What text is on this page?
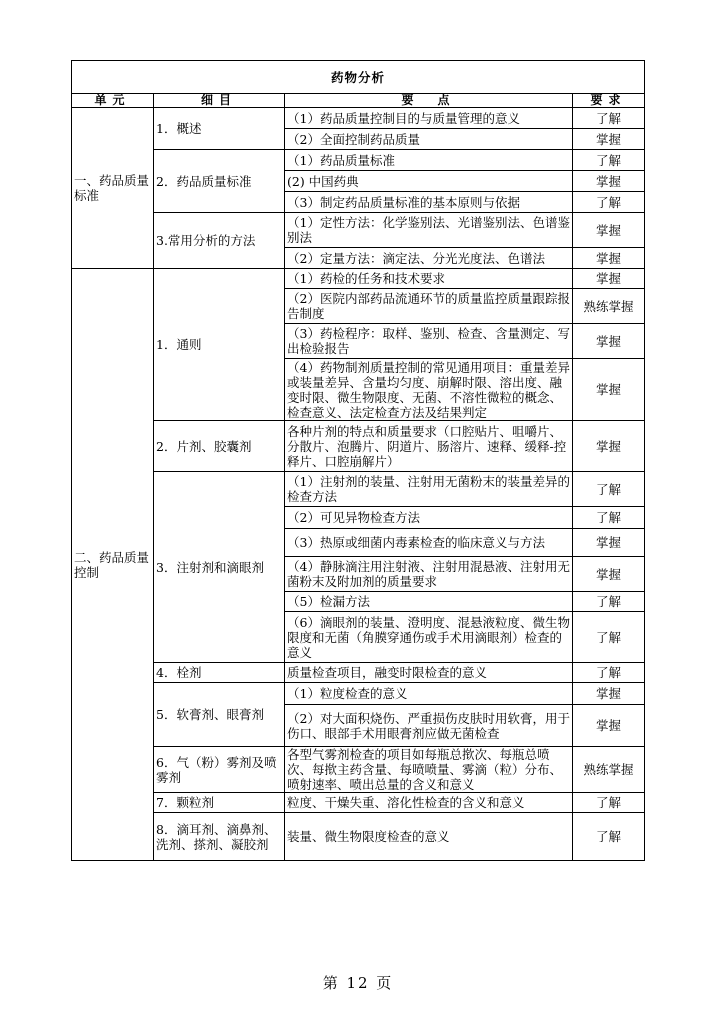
药物分析			
单元	细目	要　点	要求
一、药品质量标准	1．概述	（1）药品质量控制目的与质量管理的意义	了解
		（2）全面控制药品质量	掌握
	2．药品质量标准	（1）药品质量标准	了解
		(2) 中国药典	掌握
		（3）制定药品质量标准的基本原则与依据	了解
	3.常用分析的方法	（1）定性方法：化学鉴别法、光谱鉴别法、色谱鉴别法	掌握
		（2）定量方法：滴定法、分光光度法、色谱法	掌握
二、药品质量控制	1．通则	（1）药检的任务和技术要求	掌握
		（2）医院内部药品流通环节的质量监控质量跟踪报告制度	熟练掌握
		（3）药检程序：取样、鉴别、检查、含量测定、写出检验报告	掌握
		（4）药物制剂质量控制的常见通用项目：重量差异或装量差异、含量均匀度、崩解时限、溶出度、融变时限、微生物限度、无菌、不溶性微粒的概念、检查意义、法定检查方法及结果判定	掌握
	2．片剂、胶囊剂	各种片剂的特点和质量要求（口腔贴片、咀嚼片、分散片、泡腾片、阴道片、肠溶片、速释、缓释-控释片、口腔崩解片）	掌握
	3．注射剂和滴眼剂	（1）注射剂的装量、注射用无菌粉末的装量差异的检查方法	了解
		（2）可见异物检查方法	了解
		（3）热原或细菌内毒素检查的临床意义与方法	掌握
		（4）静脉滴注用注射液、注射用混悬液、注射用无菌粉末及附加剂的质量要求	掌握
		（5）检漏方法	了解
		（6）滴眼剂的装量、澄明度、混悬液粒度、微生物限度和无菌（角膜穿通伤或手术用滴眼剂）检查的意义	了解
	4．栓剂	质量检查项目，融变时限检查的意义	了解
	5．软膏剂、眼膏剂	（1）粒度检查的意义	掌握
		（2）对大面积烧伤、严重损伤皮肤时用软膏，用于伤口、眼部手术用眼膏剂应做无菌检查	掌握
	6．气（粉）雾剂及喷雾剂	各型气雾剂检查的项目如每瓶总揿次、每瓶总喷次、每揿主药含量、每喷喷量、雾滴（粒）分布、喷射速率、喷出总量的含义和意义	熟练掌握
	7．颗粒剂	粒度、干燥失重、溶化性检查的含义和意义	了解
	8．滴耳剂、滴鼻剂、洗剂、搽剂、凝胶剂	装量、微生物限度检查的意义	了解
第 12 页
